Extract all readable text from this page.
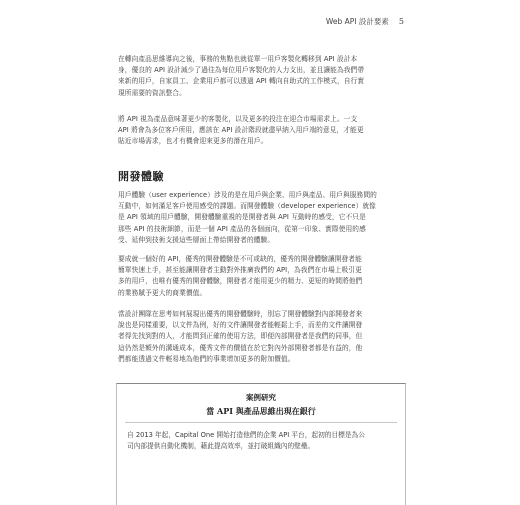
Web API 設計要素 5
在轉向產品思維導向之後，事務的焦點也就從單一用戶客製化轉移到 API 設計本
身，優良的 API 設計減少了過往為每位用戶客製化的人力支出，並且讓能為我們帶
來新的用戶，自家員工、企業用戶都可以透過 API 轉向自助式的工作模式，自行實
現所需要的資訊整合。
將 API 視為產品意味著更少的客製化，以及更多的投注在迎合市場需求上。一支
API 將會為多位客戶所用，應該在 API 設計階段就盡早納入用戶端的意見，才能更
貼近市場需求，也才有機會迎來更多的潛在用戶。
開發體驗
用戶體驗（user experience）涉及的是在用戶與企業、用戶與產品、用戶與服務間的
互動中，如何滿足客戶使用感受的課題。而開發體驗（developer experience）就像
是 API 領域的用戶體驗，開發體驗重視的是開發者與 API 互動時的感受，它不只是
那些 API 的技術細節，而是一個 API 產品的各個面向，從第一印象、實際使用的感
受、延伸到技術支援這些層面上帶給開發者的體驗。
要成就一個好的 API，優秀的開發體驗是不可或缺的，優秀的開發體驗讓開發者能
簡單快速上手，甚至能讓開發者主動對外推廣我們的 API，為我們在市場上吸引更
多的用戶，也唯有優秀的開發體驗，開發者才能用更少的精力、更短的時間將他們
的業務賦予更大的商業價值。
當設計團隊在思考如何展現出優秀的開發體驗時，別忘了開發體驗對內部開發者來
說也是同樣重要，以文件為例，好的文件讓開發者能輕鬆上手，而差的文件讓開發
者得先找到對的人，才能問到正確的使用方法，即便內部開發者是我們的同事，但
這仍然是額外的溝通成本，優秀文件的價值在於它對內外部開發者都是有益的，他
們都能透過文件輕易地為他們的事業增加更多的附加價值。
案例研究
當 API 與產品思維出現在銀行
自 2013 年起，Capital One 開始打造他們的企業 API 平台，起初的目標是為公
司內部提供自動化機制，藉此提高效率，並打破組織內的壁壘。
